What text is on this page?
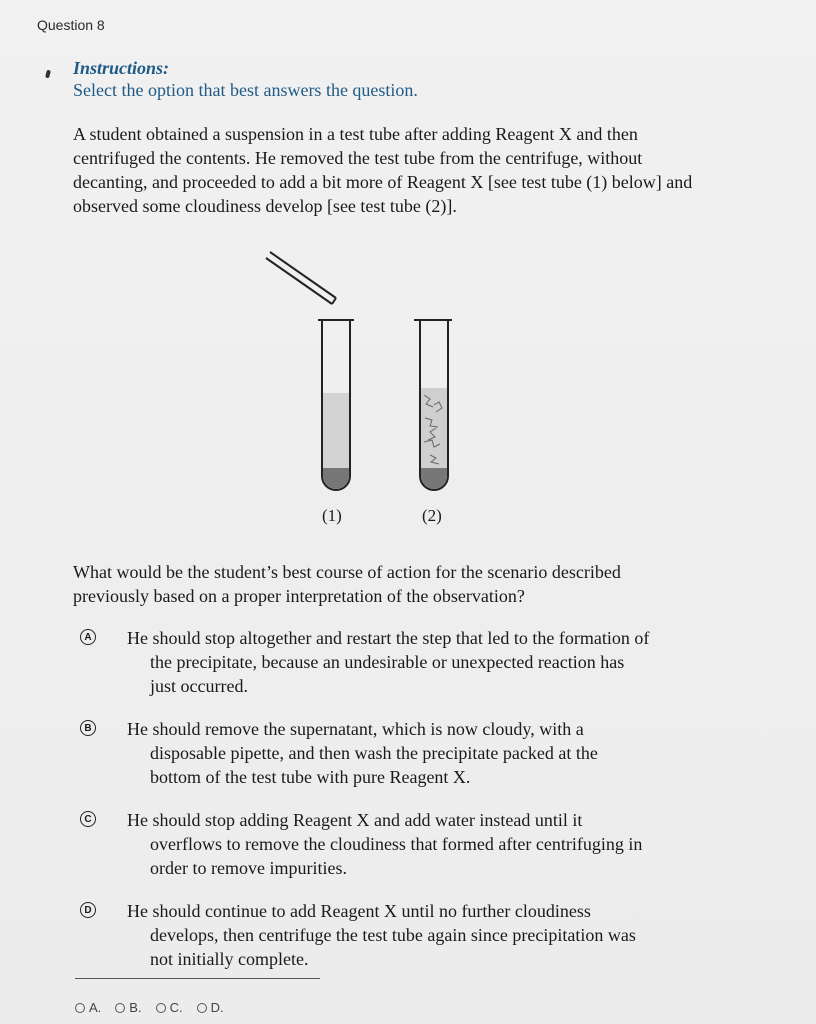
Question 8
Instructions:
Select the option that best answers the question.
A student obtained a suspension in a test tube after adding Reagent X and then centrifuged the contents. He removed the test tube from the centrifuge, without decanting, and proceeded to add a bit more of Reagent X [see test tube (1) below] and observed some cloudiness develop [see test tube (2)].
(1)	(2)
What would be the student’s best course of action for the scenario described previously based on a proper interpretation of the observation?
A He should stop altogether and restart the step that led to the formation of the precipitate, because an undesirable or unexpected reaction has just occurred.
B He should remove the supernatant, which is now cloudy, with a disposable pipette, and then wash the precipitate packed at the bottom of the test tube with pure Reagent X.
C He should stop adding Reagent X and add water instead until it overflows to remove the cloudiness that formed after centrifuging in order to remove impurities.
D He should continue to add Reagent X until no further cloudiness develops, then centrifuge the test tube again since precipitation was not initially complete.
A. B. C. D.
